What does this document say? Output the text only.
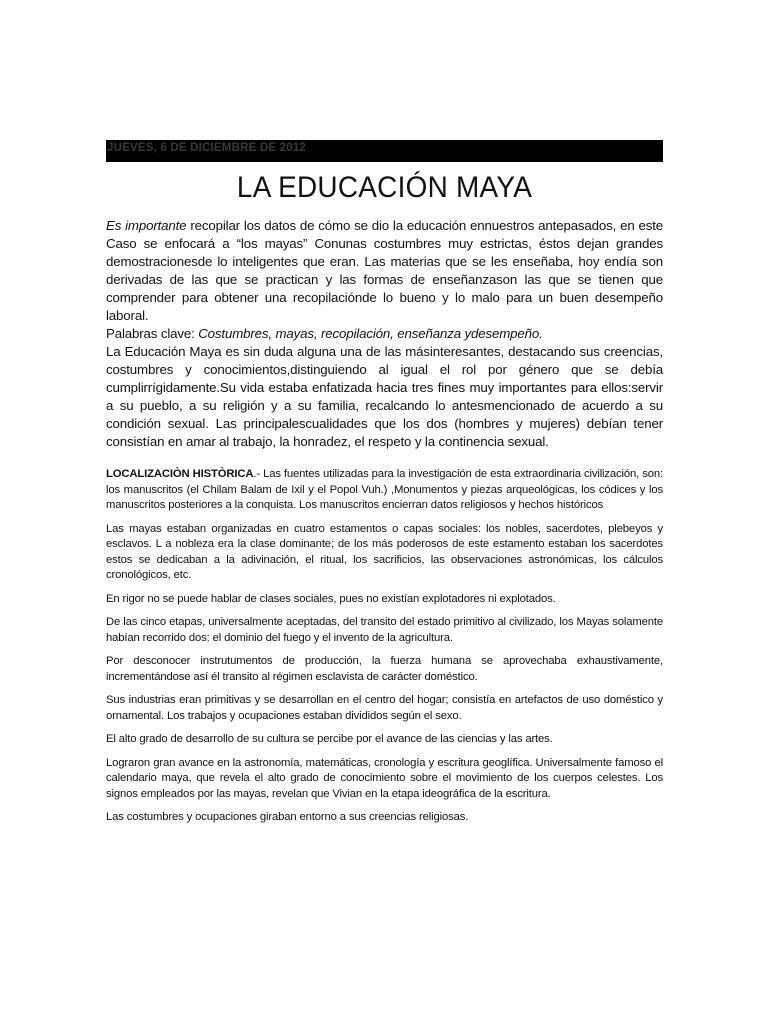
JUEVES, 6 DE DICIEMBRE DE 2012
LA EDUCACIÓN MAYA

Es importante recopilar los datos de cómo se dio la educación ennuestros antepasados, en este Caso se enfocará a “los mayas” Conunas costumbres muy estrictas, éstos dejan grandes demostracionesde lo inteligentes que eran. Las materias que se les enseñaba, hoy endía son derivadas de las que se practican y las formas de enseñanzason las que se tienen que comprender para obtener una recopilaciónde lo bueno y lo malo para un buen desempeño laboral.

Palabras clave: Costumbres, mayas, recopilación, enseñanza ydesempeño.

La Educación Maya es sin duda alguna una de las másinteresantes, destacando sus creencias, costumbres y conocimientos,distinguiendo al igual el rol por género que se debía cumplirrígidamente.Su vida estaba enfatizada hacia tres fines muy importantes para ellos:servir a su pueblo, a su religión y a su familia, recalcando lo antesmencionado de acuerdo a su condición sexual. Las principalescualidades que los dos (hombres y mujeres) debían tener consistían en amar al trabajo, la honradez, el respeto y la continencia sexual.

LOCALIZACIÒN HISTÒRICA.- Las fuentes utilizadas para la investigación de esta extraordinaria civilización, son: los manuscritos (el Chilam Balam de Ixil y el Popol Vuh.) ,Monumentos y piezas arqueológicas, los códices y los manuscritos posteriores a la conquista. Los manuscritos encierran datos religiosos y hechos históricos

Las mayas estaban organizadas en cuatro estamentos o capas sociales: los nobles, sacerdotes, plebeyos y esclavos. L a nobleza era la clase dominante; de los más poderosos de este estamento estaban los sacerdotes estos se dedicaban a la adivinación, el ritual, los sacrificios, las observaciones astronómicas, los cálculos cronológicos, etc.

En rigor no se puede hablar de clases sociales, pues no existían explotadores ni explotados.

De las cinco etapas, universalmente aceptadas, del transito del estado primitivo al civilizado, los Mayas solamente habían recorrido dos: el dominio del fuego y el invento de la agricultura.

Por desconocer instrutumentos de producción, la fuerza humana se aprovechaba exhaustivamente, incrementándose así él transito al régimen esclavista de carácter doméstico.

Sus industrias eran primitivas y se desarrollan en el centro del hogar; consistía en artefactos de uso doméstico y ornamental. Los trabajos y ocupaciones estaban divididos según el sexo.

El alto grado de desarrollo de su cultura se percibe por el avance de las ciencias y las artes.

Lograron gran avance en la astronomía, matemáticas, cronología y escritura geoglífica. Universalmente famoso el calendario maya, que revela el alto grado de conocimiento sobre el movimiento de los cuerpos celestes. Los signos empleados por las mayas, revelan que Vivian en la etapa ideográfica de la escritura.

Las costumbres y ocupaciones giraban entorno a sus creencias religiosas.
